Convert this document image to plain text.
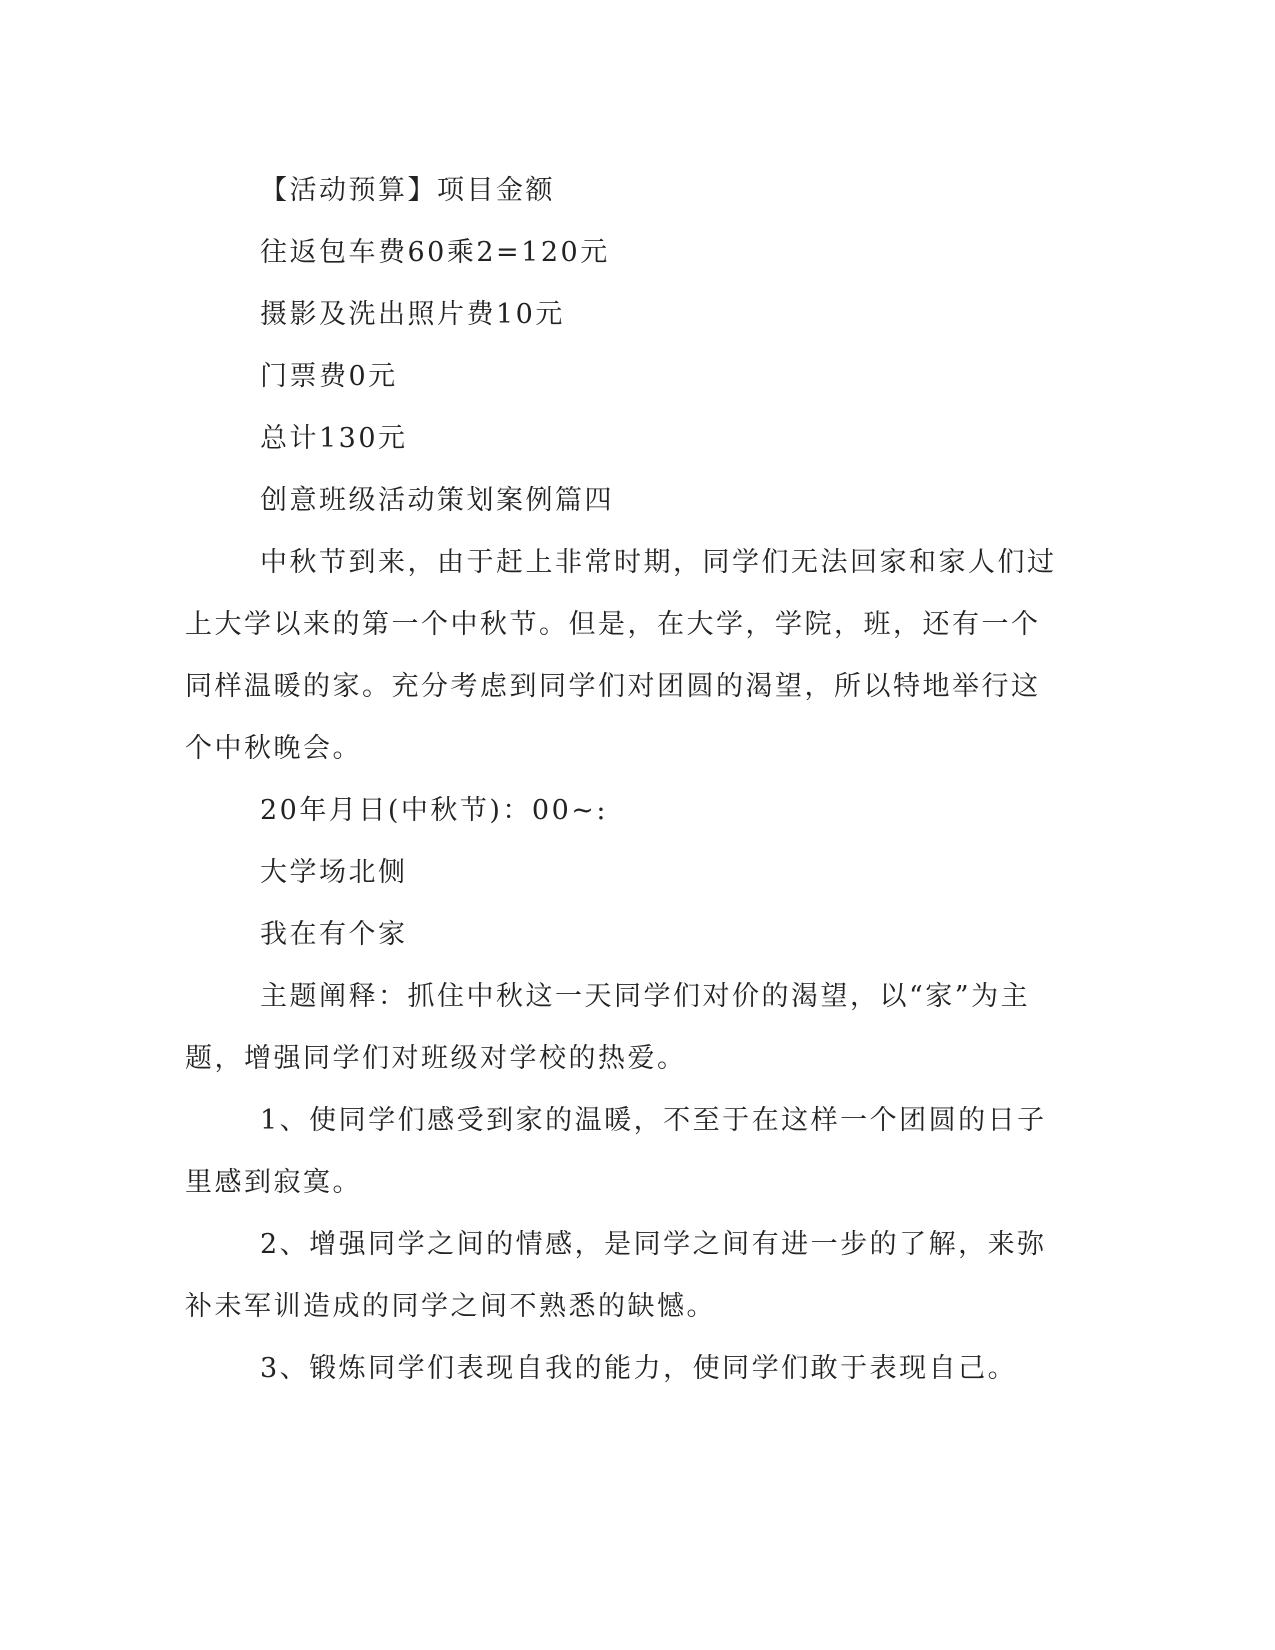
【活动预算】项目金额

往返包车费60乘2=120元

摄影及洗出照片费10元

门票费0元

总计130元

创意班级活动策划案例篇四

中秋节到来，由于赶上非常时期，同学们无法回家和家人们过上大学以来的第一个中秋节。但是，在大学，学院，班，还有一个同样温暖的家。充分考虑到同学们对团圆的渴望，所以特地举行这个中秋晚会。

20年月日(中秋节)：00~:

大学场北侧

我在有个家

主题阐释：抓住中秋这一天同学们对价的渴望，以“家”为主题，增强同学们对班级对学校的热爱。

1、使同学们感受到家的温暖，不至于在这样一个团圆的日子里感到寂寞。

2、增强同学之间的情感，是同学之间有进一步的了解，来弥补未军训造成的同学之间不熟悉的缺憾。

3、锻炼同学们表现自我的能力，使同学们敢于表现自己。
